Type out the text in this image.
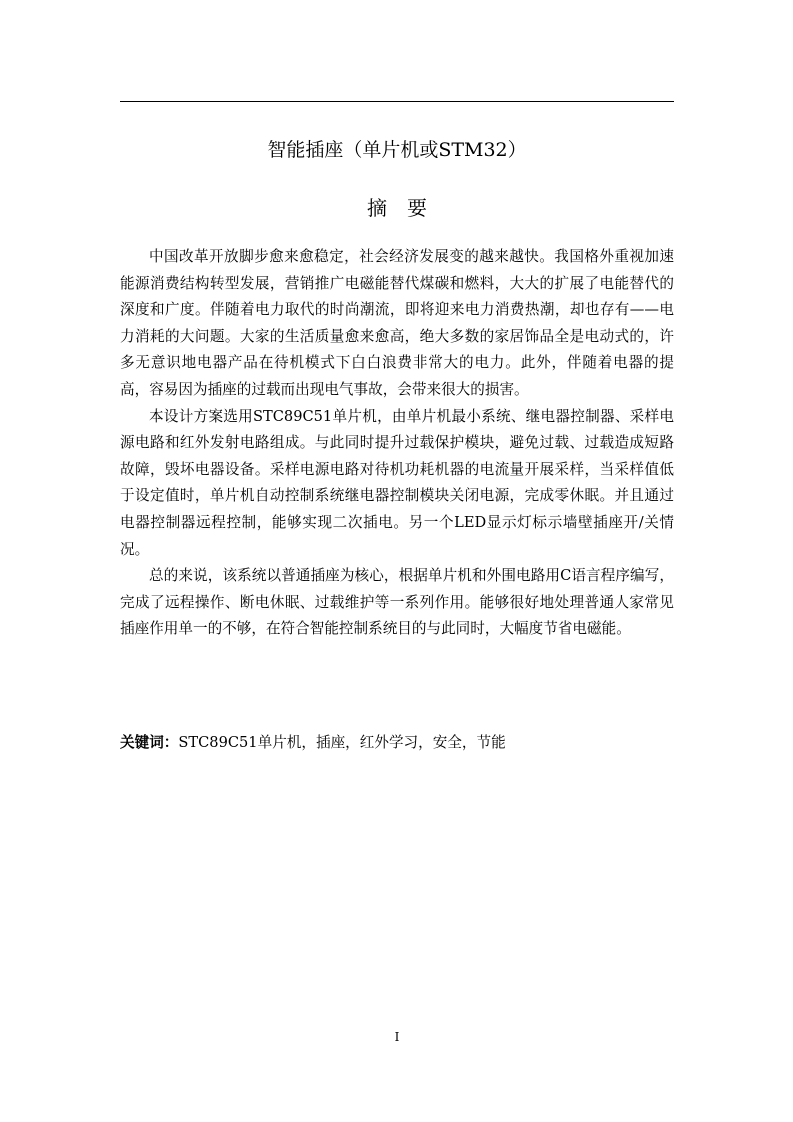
智能插座（单片机或STM32）
摘要

中国改革开放脚步愈来愈稳定，社会经济发展变的越来越快。我国格外重视加速能源消费结构转型发展，营销推广电磁能替代煤碳和燃料，大大的扩展了电能替代的深度和广度。伴随着电力取代的时尚潮流，即将迎来电力消费热潮，却也存有——电力消耗的大问题。大家的生活质量愈来愈高，绝大多数的家居饰品全是电动式的，许多无意识地电器产品在待机模式下白白浪费非常大的电力。此外，伴随着电器的提高，容易因为插座的过载而出现电气事故，会带来很大的损害。

本设计方案选用STC89C51单片机，由单片机最小系统、继电器控制器、采样电源电路和红外发射电路组成。与此同时提升过载保护模块，避免过载、过载造成短路故障，毁坏电器设备。采样电源电路对待机功耗机器的电流量开展采样，当采样值低于设定值时，单片机自动控制系统继电器控制模块关闭电源，完成零休眠。并且通过电器控制器远程控制，能够实现二次插电。另一个LED显示灯标示墙壁插座开/关情况。

总的来说，该系统以普通插座为核心，根据单片机和外围电路用C语言程序编写，完成了远程操作、断电休眠、过载维护等一系列作用。能够很好地处理普通人家常见插座作用单一的不够，在符合智能控制系统目的与此同时，大幅度节省电磁能。

关键词：STC89C51单片机，插座，红外学习，安全，节能
I
